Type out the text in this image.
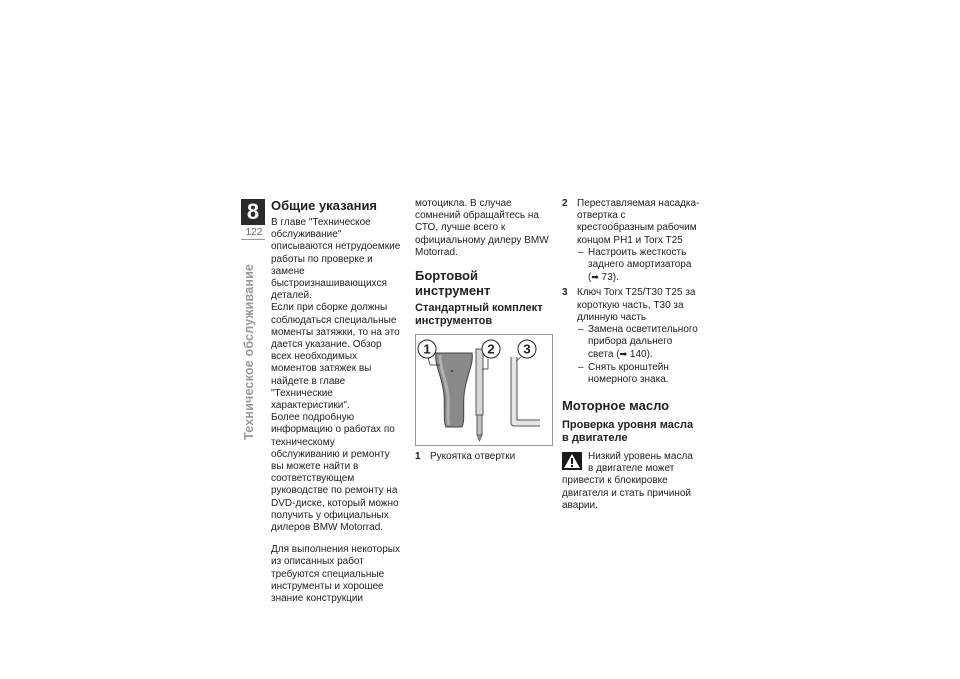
8
122
Техническое обслуживание
Общие указания

В главе "Техническое обслуживание" описываются нетрудоемкие работы по проверке и замене быстроизнашивающихся деталей.

Если при сборке должны соблюдаться специальные моменты затяжки, то на это дается указание. Обзор всех необходимых моментов затяжек вы найдете в главе "Технические характеристики".

Более подробную информацию о работах по техническому обслуживанию и ремонту вы можете найти в соответствующем руководстве по ремонту на DVD-диске, который можно получить у официальных дилеров BMW Motorrad.

Для выполнения некоторых из описанных работ требуются специальные инструменты и хорошее знание конструкции

мотоцикла. В случае сомнений обращайтесь на СТО, лучше всего к официальному дилеру BMW Motorrad.

Бортовой инструмент
Стандартный комплект инструментов
1	2 3
1 Рукоятка отвертки
2 Переставляемая насадка-отвертка с крестообразным рабочим концом PH1 и Torx T25
– Настроить жесткость заднего амортизатора (➡ 73).
3 Ключ Torx T25/T30 T25 за короткую часть, T30 за длинную часть
– Замена осветительного прибора дальнего света (➡ 140).
– Снять кронштейн номерного знака.
Моторное масло
Проверка уровня масла в двигателе
Низкий уровень масла в двигателе может привести к блокировке двигателя и стать причиной аварии.
